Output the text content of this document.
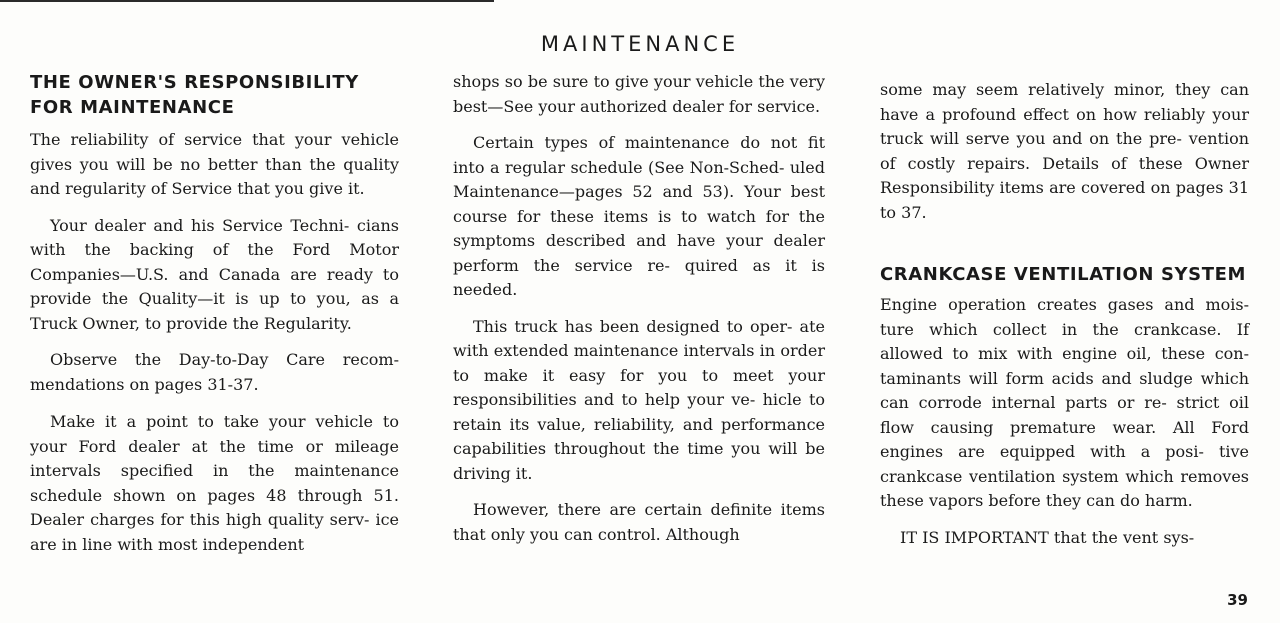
MAINTENANCE
THE OWNER'S RESPONSIBILITY
FOR MAINTENANCE

The reliability of service that your vehicle gives you will be no better than the quality and regularity of Service that you give it.

Your dealer and his Service Techni- cians with the backing of the Ford Motor Companies—U.S. and Canada are ready to provide the Quality—it is up to you, as a Truck Owner, to provide the Regularity.

Observe the Day-to-Day Care recom- mendations on pages 31-37.

Make it a point to take your vehicle to your Ford dealer at the time or mileage intervals specified in the maintenance schedule shown on pages 48 through 51. Dealer charges for this high quality serv- ice are in line with most independent

shops so be sure to give your vehicle the very best—See your authorized dealer for service.

Certain types of maintenance do not fit into a regular schedule (See Non-Sched- uled Maintenance—pages 52 and 53). Your best course for these items is to watch for the symptoms described and have your dealer perform the service re- quired as it is needed.

This truck has been designed to oper- ate with extended maintenance intervals in order to make it easy for you to meet your responsibilities and to help your ve- hicle to retain its value, reliability, and performance capabilities throughout the time you will be driving it.

However, there are certain definite items that only you can control. Although

some may seem relatively minor, they can have a profound effect on how reliably your truck will serve you and on the pre- vention of costly repairs. Details of these Owner Responsibility items are covered on pages 31 to 37.

CRANKCASE VENTILATION SYSTEM

Engine operation creates gases and mois- ture which collect in the crankcase. If allowed to mix with engine oil, these con- taminants will form acids and sludge which can corrode internal parts or re- strict oil flow causing premature wear. All Ford engines are equipped with a posi- tive crankcase ventilation system which removes these vapors before they can do harm.

IT IS IMPORTANT that the vent sys-

39
